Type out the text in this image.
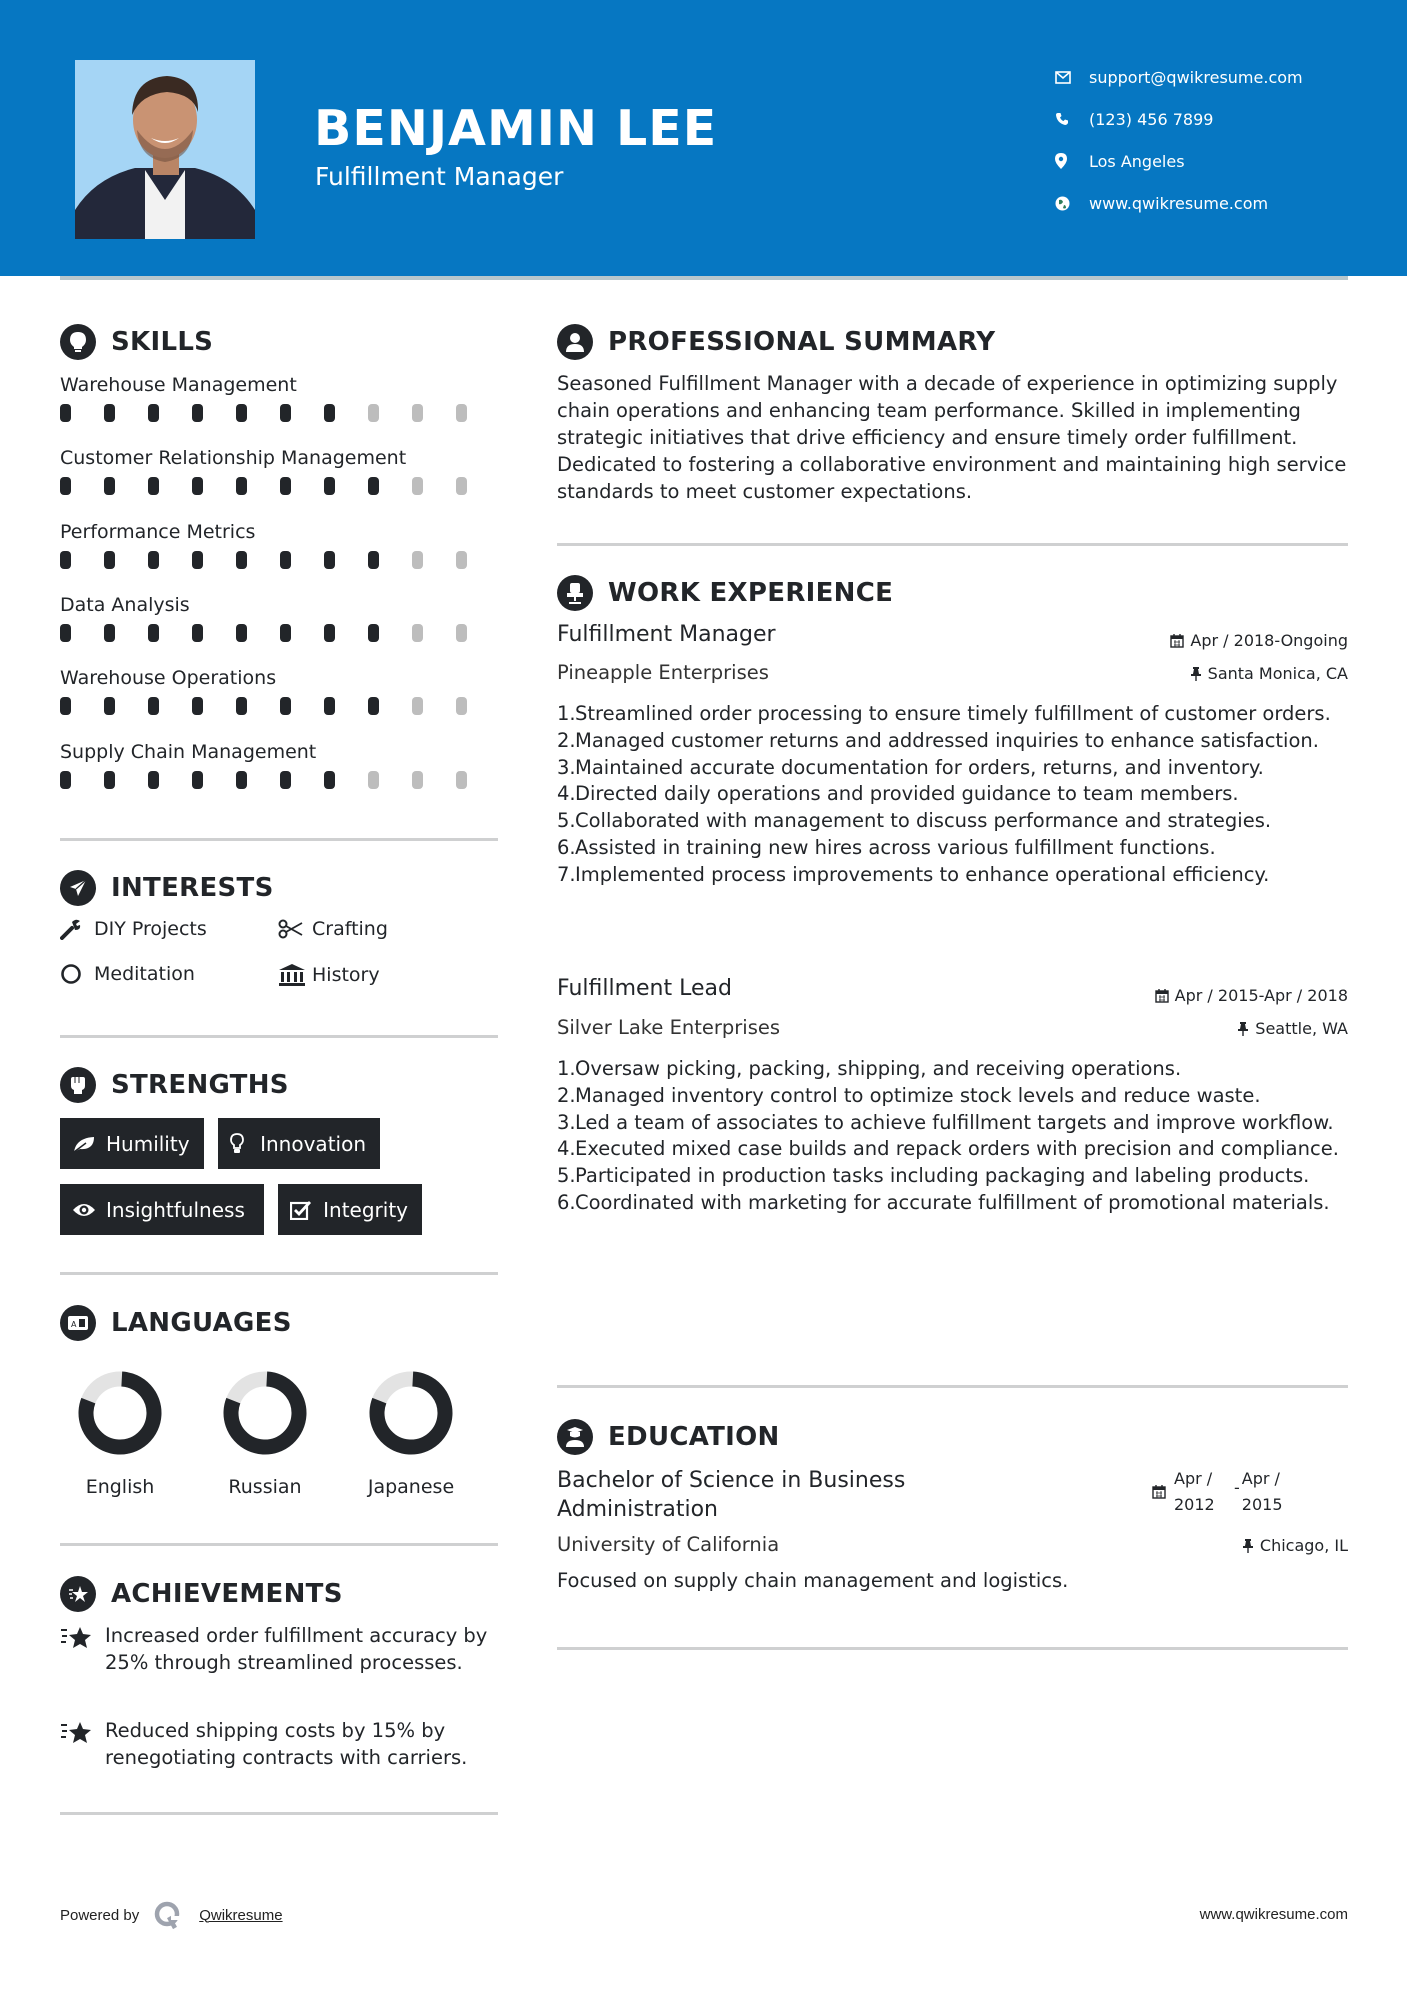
BENJAMIN LEE
Fulfillment Manager
support@qwikresume.com
(123) 456 7899
Los Angeles
www.qwikresume.com
SKILLS
Warehouse Management
Customer Relationship Management
Performance Metrics
Data Analysis
Warehouse Operations
Supply Chain Management
INTERESTS
DIY Projects	Crafting
Meditation	History
STRENGTHS
Humility	Innovation
Insightfulness	Integrity
A LANGUAGES
English	Russian	Japanese
ACHIEVEMENTS
Increased order fulfillment accuracy by 25% through streamlined processes.
Reduced shipping costs by 15% by renegotiating contracts with carriers.
PROFESSIONAL SUMMARY
Seasoned Fulfillment Manager with a decade of experience in optimizing supply chain operations and enhancing team performance. Skilled in implementing strategic initiatives that drive efficiency and ensure timely order fulfillment. Dedicated to fostering a collaborative environment and maintaining high service standards to meet customer expectations.
WORK EXPERIENCE
Fulfillment Manager	Apr / 2018-Ongoing
Pineapple Enterprises	Santa Monica, CA
1. Streamlined order processing to ensure timely fulfillment of customer orders.
2. Managed customer returns and addressed inquiries to enhance satisfaction.
3. Maintained accurate documentation for orders, returns, and inventory.
4. Directed daily operations and provided guidance to team members.
5. Collaborated with management to discuss performance and strategies.
6. Assisted in training new hires across various fulfillment functions.
7. Implemented process improvements to enhance operational efficiency.
Fulfillment Lead	Apr / 2015-Apr / 2018
Silver Lake Enterprises	Seattle, WA
1. Oversaw picking, packing, shipping, and receiving operations.
2. Managed inventory control to optimize stock levels and reduce waste.
3. Led a team of associates to achieve fulfillment targets and improve workflow.
4. Executed mixed case builds and repack orders with precision and compliance.
5. Participated in production tasks including packaging and labeling products.
6. Coordinated with marketing for accurate fulfillment of promotional materials.
EDUCATION
Bachelor of Science in Business
Administration
Apr /
2012
- Apr /
2015
University of California	Chicago, IL
Focused on supply chain management and logistics.
Powered by	Qwikresume	www.qwikresume.com
